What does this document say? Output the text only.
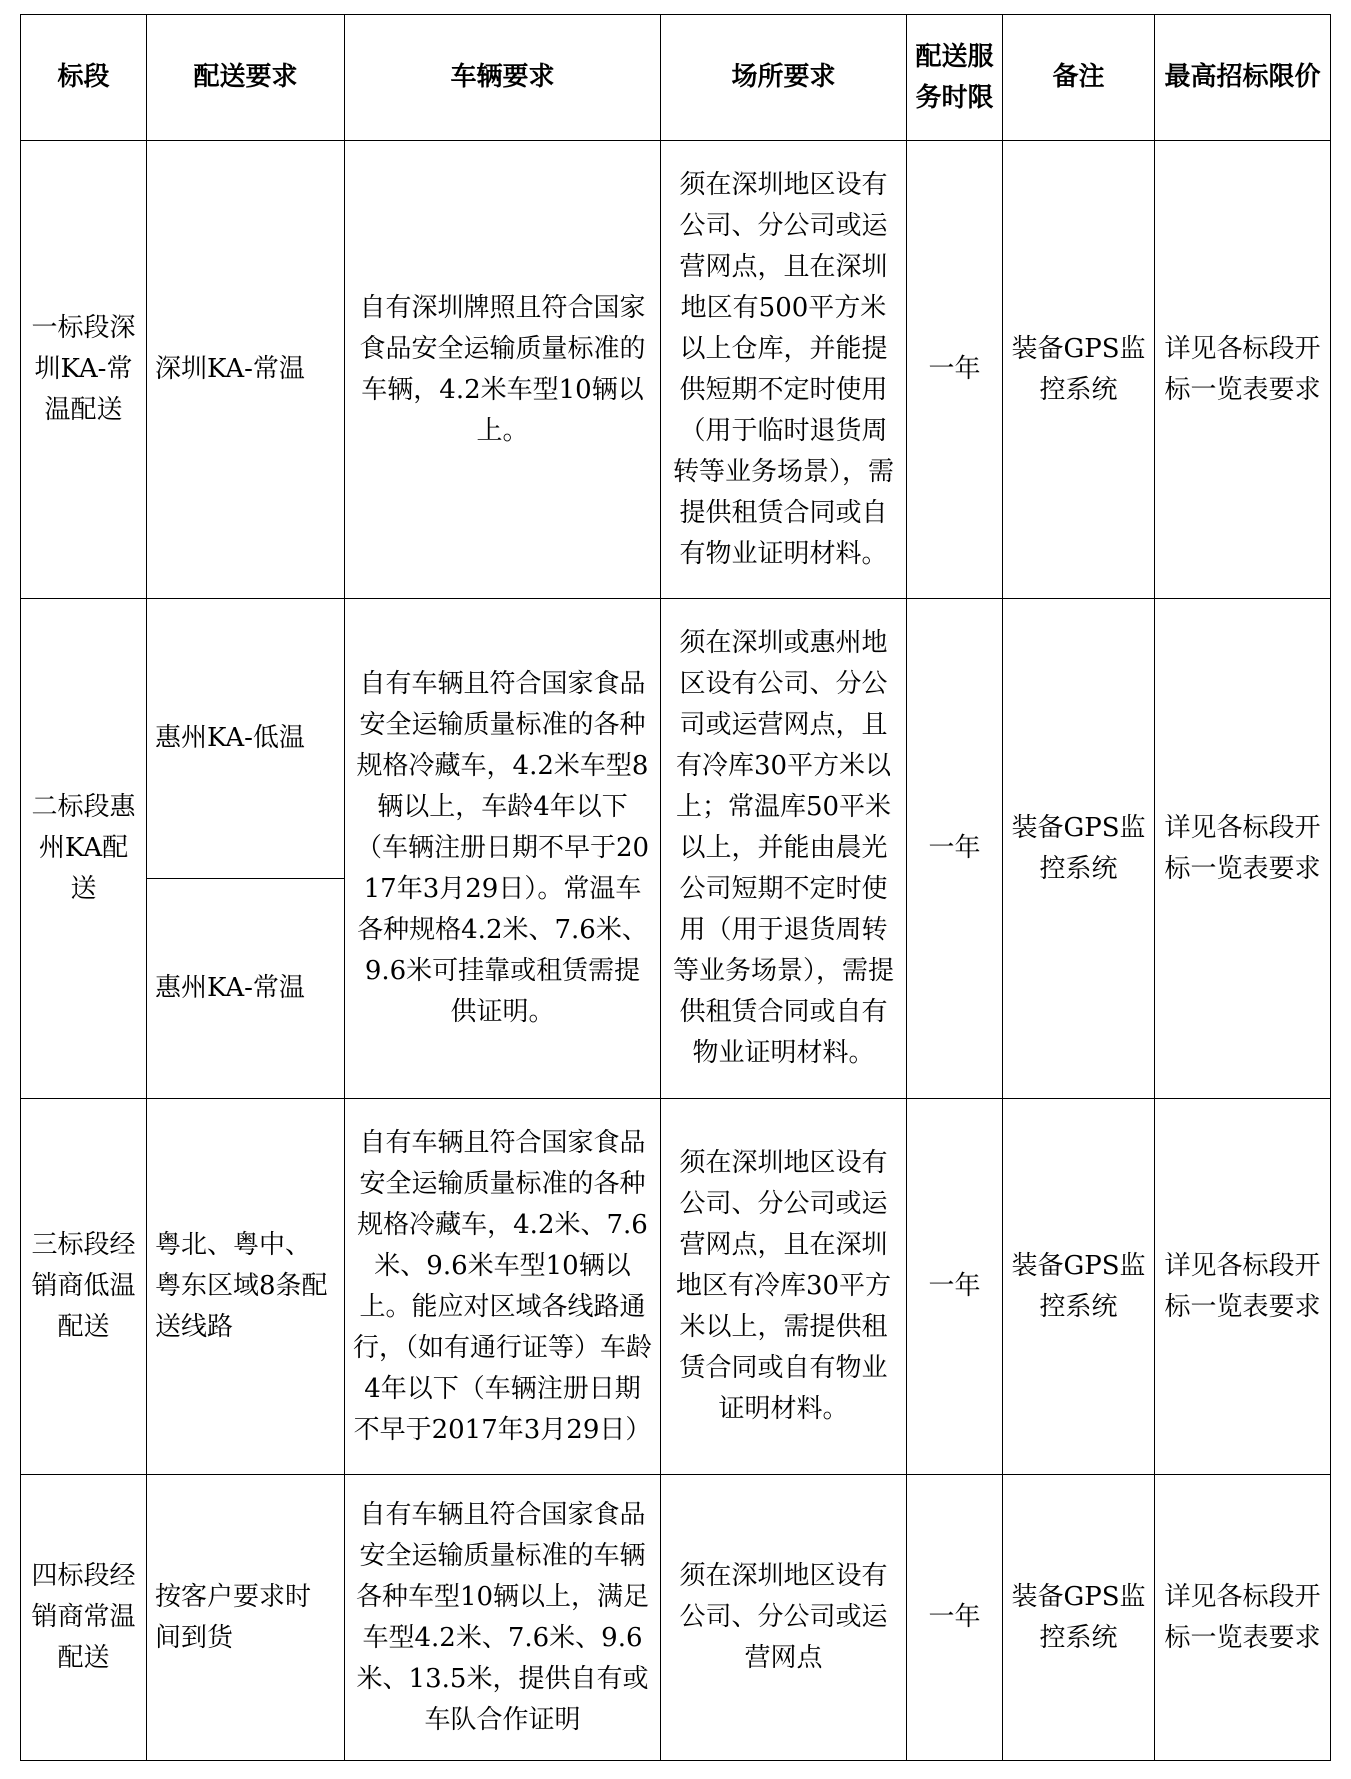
标段	配送要求	车辆要求	场所要求	配送服务时限	备注	最高招标限价

一标段深圳KA-常温配送	深圳KA-常温	自有深圳牌照且符合国家食品安全运输质量标准的车辆，4.2米车型10辆以上。	须在深圳地区设有公司、分公司或运营网点，且在深圳地区有500平方米以上仓库，并能提供短期不定时使用（用于临时退货周转等业务场景），需提供租赁合同或自有物业证明材料。	一年	装备GPS监控系统	详见各标段开标一览表要求

二标段惠州KA配送	惠州KA-低温	自有车辆且符合国家食品安全运输质量标准的各种规格冷藏车，4.2米车型8辆以上，车龄4年以下（车辆注册日期不早于2017年3月29日）。常温车各种规格4.2米、7.6米、9.6米可挂靠或租赁需提供证明。	须在深圳或惠州地区设有公司、分公司或运营网点，且有冷库30平方米以上；常温库50平米以上，并能由晨光公司短期不定时使用（用于退货周转等业务场景），需提供租赁合同或自有物业证明材料。	一年	装备GPS监控系统	详见各标段开标一览表要求

	惠州KA-常温					

三标段经销商低温配送	粤北、粤中、粤东区域8条配送线路	自有车辆且符合国家食品安全运输质量标准的各种规格冷藏车，4.2米、7.6米、9.6米车型10辆以上。能应对区域各线路通行，（如有通行证等）车龄4年以下（车辆注册日期不早于2017年3月29日）	须在深圳地区设有公司、分公司或运营网点，且在深圳地区有冷库30平方米以上，需提供租赁合同或自有物业证明材料。	一年	装备GPS监控系统	详见各标段开标一览表要求

四标段经销商常温配送	按客户要求时间到货	自有车辆且符合国家食品安全运输质量标准的车辆各种车型10辆以上，满足车型4.2米、7.6米、9.6米、13.5米，提供自有或车队合作证明	须在深圳地区设有公司、分公司或运营网点	一年	装备GPS监控系统	详见各标段开标一览表要求
